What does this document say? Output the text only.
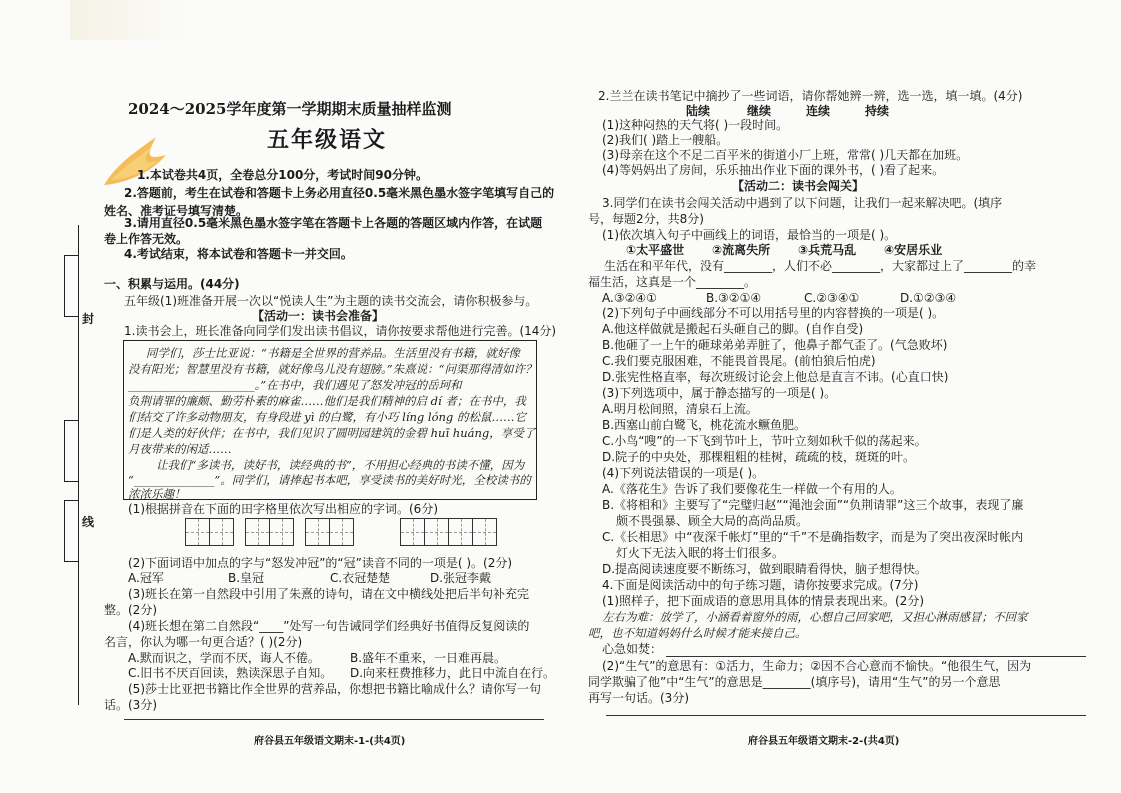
2024～2025学年度第一学期期末质量抽样监测
五年级语文
1.本试卷共4页，全卷总分100分，考试时间90分钟。
2.答题前，考生在试卷和答题卡上务必用直径0.5毫米黑色墨水签字笔填写自己的
姓名、准考证号填写清楚。
3.请用直径0.5毫米黑色墨水签字笔在答题卡上各题的答题区域内作答，在试题
卷上作答无效。
4.考试结束，将本试卷和答题卡一并交回。
一、积累与运用。(44分)
五年级(1)班准备开展一次以“悦读人生”为主题的读书交流会，请你积极参与。
【活动一：读书会准备】
1.读书会上，班长准备向同学们发出读书倡议，请你按要求帮他进行完善。(14分)
同学们，莎士比亚说：“书籍是全世界的营养品。生活里没有书籍，就好像
没有阳光；智慧里没有书籍，就好像鸟儿没有翅膀。”朱熹说：“问渠那得清如许？
______________________。”在书中，我们遇见了怒发冲冠的岳珂和
负荆请罪的廉颇、勤劳朴素的麻雀……他们是我们精神的启 dí 者；在书中，我
们结交了许多动物朋友，有身段进 yì 的白鹭，有小巧 líng lóng 的松鼠……它
们是人类的好伙伴；在书中，我们见识了圆明园建筑的金碧 huī huáng，享受了
月夜带来的闲适……
让我们“多读书，读好书，读经典的书”，不用担心经典的书读不懂，因为
“______________”。同学们，请捧起书本吧，享受读书的美好时光，全校读书的
浓浓乐趣！
(1)根据拼音在下面的田字格里依次写出相应的字词。(6分)
(2)下面词语中加点的字与“怒发冲冠”的“冠”读音不同的一项是( )。(2分)
A.冠军	B.皇冠	C.衣冠楚楚	D.张冠李戴
(3)班长在第一自然段中引用了朱熹的诗句，请在文中横线处把后半句补充完
整。(2分)
(4)班长想在第二自然段“____”处写一句告诫同学们经典好书值得反复阅读的
名言，你认为哪一句更合适？( )(2分)
A.默而识之，学而不厌，诲人不倦。	B.盛年不重来，一日难再晨。
C.旧书不厌百回读，熟读深思子自知。 D.向来枉费推移力，此日中流自在行。
(5)莎士比亚把书籍比作全世界的营养品，你想把书籍比喻成什么？请你写一句
话。(3分)
府谷县五年级语文期末-1-(共4页)
封
线
2.兰兰在读书笔记中摘抄了一些词语，请你帮她辨一辨，选一选，填一填。(4分)
陆续	继续	连续	持续
(1)这种闷热的天气将( )一段时间。
(2)我们( )踏上一艘船。
(3)母亲在这个不足二百平米的街道小厂上班，常常( )几天都在加班。
(4)等妈妈出了房间，乐乐抽出作业下面的课外书，( )看了起来。
【活动二：读书会闯关】
3.同学们在读书会闯关活动中遇到了以下问题，让我们一起来解决吧。(填序
号，每题2分，共8分)
(1)依次填入句子中画线上的词语，最恰当的一项是( )。
①太平盛世 ②流离失所 ③兵荒马乱 ④安居乐业
生活在和平年代，没有________，人们不必________，大家都过上了________的幸
福生活，这真是一个________。
A.③②④①	B.③②①④	C.②③④①	D.①②③④
(2)下列句子中画线部分不可以用括号里的内容替换的一项是( )。
A.他这样做就是搬起石头砸自己的脚。(自作自受)
B.他砸了一上午的砸球弟弟弄脏了，他鼻子都气歪了。(气急败坏)
C.我们要克服困难，不能畏首畏尾。(前怕狼后怕虎)
D.张宪性格直率，每次班级讨论会上他总是直言不讳。(心直口快)
(3)下列选项中，属于静态描写的一项是( )。
A.明月松间照，清泉石上流。
B.西塞山前白鹭飞，桃花流水鳜鱼肥。
C.小鸟“嗖”的一下飞到节叶上，节叶立刻如秋千似的荡起来。
D.院子的中央处，那棵粗粗的桂树，疏疏的枝，斑斑的叶。
(4)下列说法错误的一项是( )。
A.《落花生》告诉了我们要像花生一样做一个有用的人。
B.《将相和》主要写了“完璧归赵”“渑池会面”“负荆请罪”这三个故事，表现了廉
颇不畏强暴、顾全大局的高尚品质。
C.《长相思》中“夜深千帐灯”里的“千”不是确指数字，而是为了突出夜深时帐内
灯火下无法入眠的将士们很多。
D.提高阅读速度要不断练习，做到眼睛看得快，脑子想得快。
4.下面是阅读活动中的句子练习题，请你按要求完成。(7分)
(1)照样子，把下面成语的意思用具体的情景表现出来。(2分)
左右为难：放学了，小涵看着窗外的雨，心想自己回家吧，又担心淋雨感冒；不回家
吧，也不知道妈妈什么时候才能来接自己。
心急如焚：
(2)“生气”的意思有：①活力，生命力；②因不合心意而不愉快。“他很生气，因为
同学欺骗了他”中“生气”的意思是________(填序号)，请用“生气”的另一个意思
再写一句话。(3分)
府谷县五年级语文期末-2-(共4页)
